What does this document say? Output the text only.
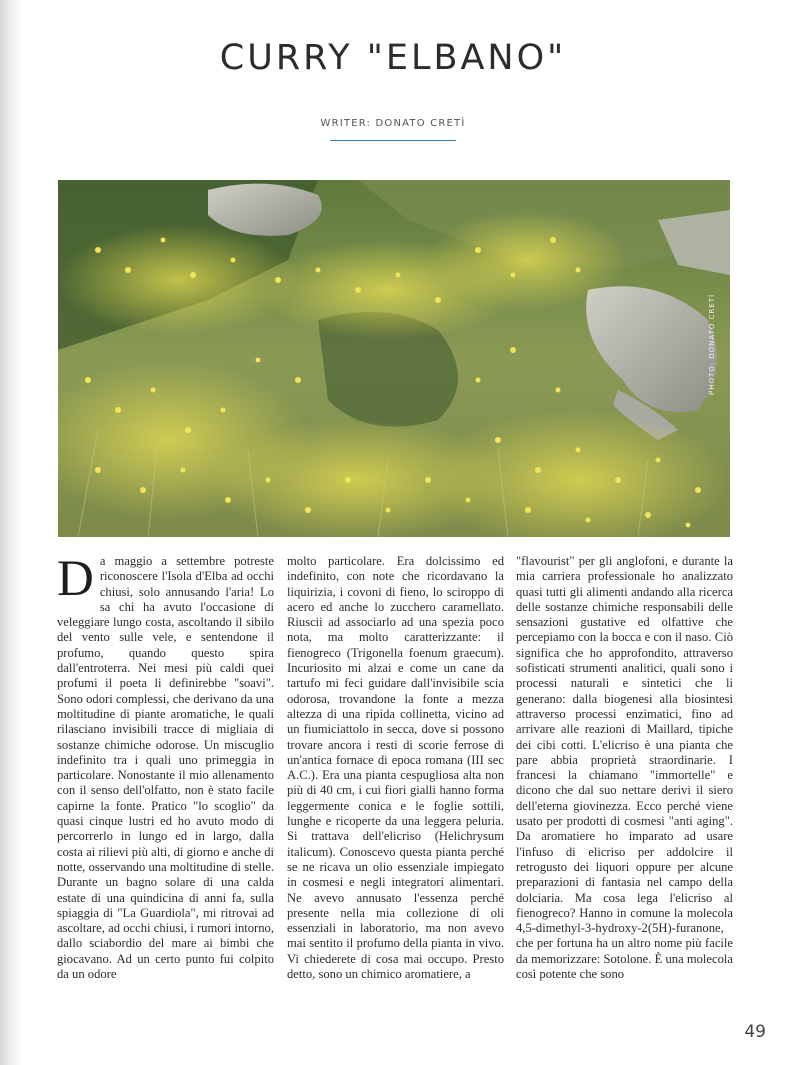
CURRY "ELBANO"
WRITER: DONATO CRETÌ
PHOTO: DONATO CRETÌ
D a maggio a settembre potreste riconoscere l'Isola d'Elba ad occhi chiusi, solo annusando l'aria! Lo sa chi ha avuto l'occasione di veleggiare lungo costa, ascoltando il sibilo del vento sulle vele, e sentendone il profumo, quando questo spira dall'entroterra. Nei mesi più caldi quei profumi il poeta li definirebbe "soavi". Sono odori complessi, che derivano da una moltitudine di piante aromatiche, le quali rilasciano invisibili tracce di migliaia di sostanze chimiche odorose. Un miscuglio indefinito tra i quali uno primeggia in particolare. Nonostante il mio allenamento con il senso dell'olfatto, non è stato facile capirne la fonte. Pratico "lo scoglio" da quasi cinque lustri ed ho avuto modo di percorrerlo in lungo ed in largo, dalla costa ai rilievi più alti, di giorno e anche di notte, osservando una moltitudine di stelle. Durante un bagno solare di una calda estate di una quindicina di anni fa, sulla spiaggia di "La Guardiola", mi ritrovai ad ascoltare, ad occhi chiusi, i rumori intorno, dallo sciabordio del mare ai bimbi che giocavano. Ad un certo punto fui colpito da un odore

molto particolare. Era dolcissimo ed indefinito, con note che ricordavano la liquirizia, i covoni di fieno, lo sciroppo di acero ed anche lo zucchero caramellato. Riuscii ad associarlo ad una spezia poco nota, ma molto caratterizzante: il fienogreco (Trigonella foenum graecum). Incuriosito mi alzai e come un cane da tartufo mi feci guidare dall'invisibile scia odorosa, trovandone la fonte a mezza altezza di una ripida collinetta, vicino ad un fiumiciattolo in secca, dove si possono trovare ancora i resti di scorie ferrose di un'antica fornace di epoca romana (III sec A.C.). Era una pianta cespugliosa alta non più di 40 cm, i cui fiori gialli hanno forma leggermente conica e le foglie sottili, lunghe e ricoperte da una leggera peluria. Si trattava dell'elicriso (Helichrysum italicum). Conoscevo questa pianta perché se ne ricava un olio essenziale impiegato in cosmesi e negli integratori alimentari. Ne avevo annusato l'essenza perché presente nella mia collezione di oli essenziali in laboratorio, ma non avevo mai sentito il profumo della pianta in vivo. Vi chiederete di cosa mai occupo. Presto detto, sono un chimico aromatiere, a

"flavourist" per gli anglofoni, e durante la mia carriera professionale ho analizzato quasi tutti gli alimenti andando alla ricerca delle sostanze chimiche responsabili delle sensazioni gustative ed olfattive che percepiamo con la bocca e con il naso. Ciò significa che ho approfondito, attraverso sofisticati strumenti analitici, quali sono i processi naturali e sintetici che li generano: dalla biogenesi alla biosintesi attraverso processi enzimatici, fino ad arrivare alle reazioni di Maillard, tipiche dei cibi cotti. L'elicriso è una pianta che pare abbia proprietà straordinarie. I francesi la chiamano "immortelle" e dicono che dal suo nettare derivi il siero dell'eterna giovinezza. Ecco perché viene usato per prodotti di cosmesi "anti aging". Da aromatiere ho imparato ad usare l'infuso di elicriso per addolcire il retrogusto dei liquori oppure per alcune preparazioni di fantasia nel campo della dolciaria. Ma cosa lega l'elicriso al fienogreco? Hanno in comune la molecola 4,5-dimethyl-3-hydroxy-2(5H)-furanone, che per fortuna ha un altro nome più facile da memorizzare: Sotolone. È una molecola così potente che sono

49
